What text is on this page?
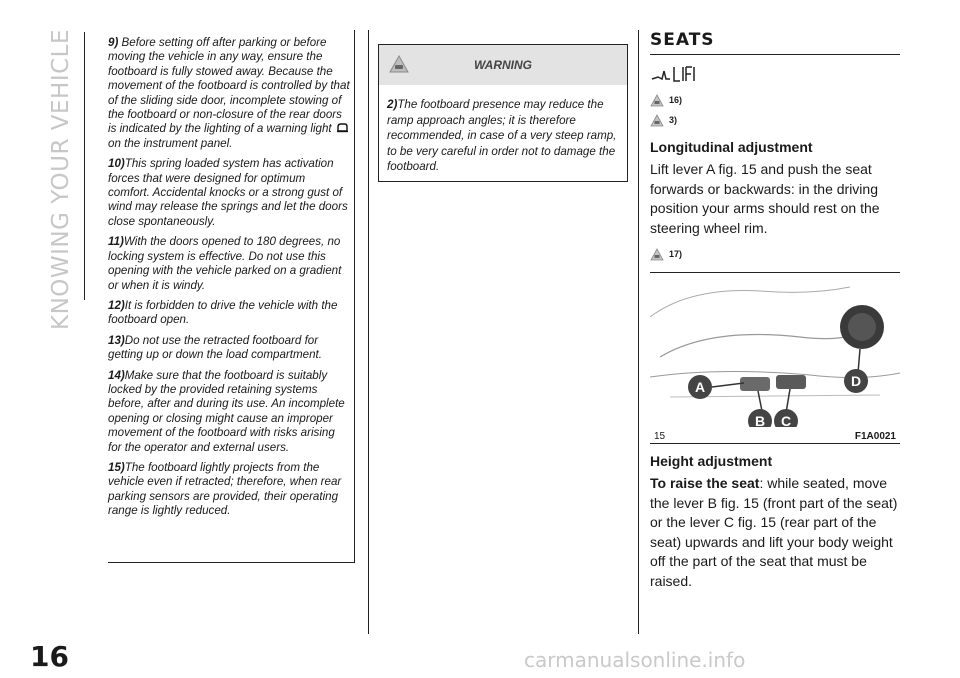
KNOWING YOUR VEHICLE
16

9) Before setting off after parking or before moving the vehicle in any way, ensure the footboard is fully stowed away. Because the movement of the footboard is controlled by that of the sliding side door, incomplete stowing of the footboard or non-closure of the rear doors is indicated by the lighting of a warning light  on the instrument panel.

10)This spring loaded system has activation forces that were designed for optimum comfort. Accidental knocks or a strong gust of wind may release the springs and let the doors close spontaneously.

11)With the doors opened to 180 degrees, no locking system is effective. Do not use this opening with the vehicle parked on a gradient or when it is windy.

12)It is forbidden to drive the vehicle with the footboard open.

13)Do not use the retracted footboard for getting up or down the load compartment.

14)Make sure that the footboard is suitably locked by the provided retaining systems before, after and during its use. An incomplete opening or closing might cause an improper movement of the footboard with risks arising for the operator and external users.

15)The footboard lightly projects from the vehicle even if retracted; therefore, when rear parking sensors are provided, their operating range is lightly reduced.

WARNING
2)The footboard presence may reduce the ramp approach angles; it is therefore recommended, in case of a very steep ramp, to be very careful in order not to damage the footboard.
SEATS
16)
3)
Longitudinal adjustment
Lift lever A fig. 15 and push the seat forwards or backwards: in the driving position your arms should rest on the steering wheel rim.
17)
A
B C
D
15	F1A0021
Height adjustment
To raise the seat: while seated, move the lever B fig. 15 (front part of the seat) or the lever C fig. 15 (rear part of the seat) upwards and lift your body weight off the part of the seat that must be raised.
carmanualsonline.info
